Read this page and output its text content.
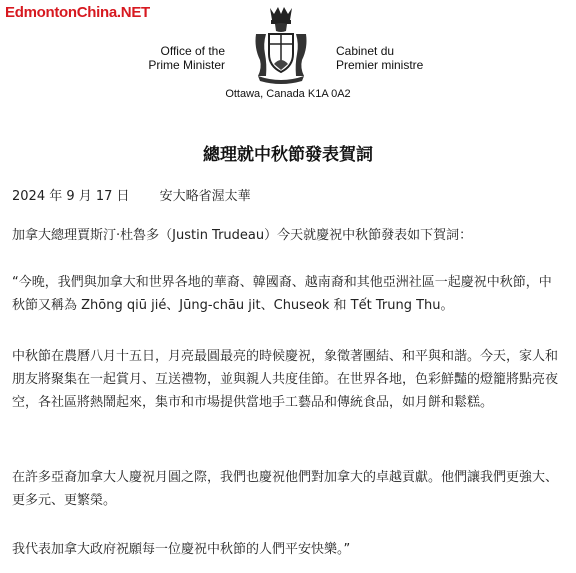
EdmontonChina.NET
Office of the
Prime Minister
Cabinet du
Premier ministre
Ottawa, Canada K1A 0A2
總理就中秋節發表賀詞
2024 年 9 月 17 日 安大略省渥太華
加拿大總理賈斯汀·杜魯多（Justin Trudeau）今天就慶祝中秋節發表如下賀詞：
“今晚，我們與加拿大和世界各地的華裔、韓國裔、越南裔和其他亞洲社區一起慶祝中秋節，中秋節又稱為 Zhōng qiū jié、Jūng-chāu jit、Chuseok 和 Tết Trung Thu。
中秋節在農曆八月十五日，月亮最圓最亮的時候慶祝，象徵著團結、和平與和諧。今天，家人和朋友將聚集在一起賞月、互送禮物，並與親人共度佳節。在世界各地，色彩鮮豔的燈籠將點亮夜空，各社區將熱鬧起來，集市和市場提供當地手工藝品和傳統食品，如月餅和鬆糕。
在許多亞裔加拿大人慶祝月圓之際，我們也慶祝他們對加拿大的卓越貢獻。他們讓我們更強大、更多元、更繁榮。
我代表加拿大政府祝願每一位慶祝中秋節的人們平安快樂。”
